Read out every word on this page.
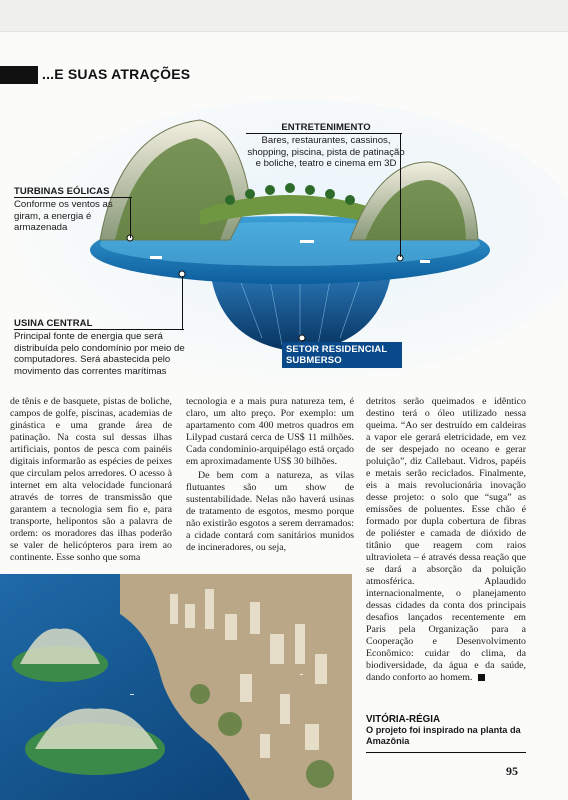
...E SUAS ATRAÇÕES
ENTRETENIMENTO
Bares, restaurantes, cassinos, shopping, piscina, pista de patinação e boliche, teatro e cinema em 3D
TURBINAS EÓLICAS
Conforme os ventos as giram, a energia é armazenada
USINA CENTRAL
Principal fonte de energia que será distribuída pelo condomínio por meio de computadores. Será abastecida pelo movimento das correntes marítimas
SETOR RESIDENCIAL SUBMERSO
de tênis e de basquete, pistas de boliche, campos de golfe, piscinas, academias de ginástica e uma grande área de patinação. Na costa sul dessas ilhas artificiais, pontos de pesca com painéis digitais informarão as espécies de peixes que circulam pelos arredores. O acesso à internet em alta velocidade funcionará através de torres de transmissão que garantem a tecnologia sem fio e, para transporte, helipontos são a palavra de ordem: os moradores das ilhas poderão se valer de helicópteros para irem ao continente. Esse sonho que soma

tecnologia e a mais pura natureza tem, é claro, um alto preço. Por exemplo: um apartamento com 400 metros quadros em Lilypad custará cerca de US$ 11 milhões. Cada condomínio-arquipélago está orçado em aproximadamente US$ 30 bilhões.

De bem com a natureza, as vilas flutuantes são um show de sustentabilidade. Nelas não haverá usinas de tratamento de esgotos, mesmo porque não existirão esgotos a serem derramados: a cidade contará com sanitários munidos de incineradores, ou seja,

detritos serão queimados e idêntico destino terá o óleo utilizado nessa queima. “Ao ser destruído em caldeiras a vapor ele gerará eletricidade, em vez de ser despejado no oceano e gerar poluição”, diz Callebaut. Vidros, papéis e metais serão reciclados. Finalmente, eis a mais revolucionária inovação desse projeto: o solo que “suga” as emissões de poluentes. Esse chão é formado por dupla cobertura de fibras de poliéster e camada de dióxido de titânio que reagem com raios ultravioleta – é através dessa reação que se dará a absorção da poluição atmosférica. Aplaudido internacionalmente, o planejamento dessas cidades da conta dos principais desafios lançados recentemente em Paris pela Organização para a Cooperação e Desenvolvimento Econômico: cuidar do clima, da biodiversidade, da água e da saúde, dando conforto ao homem.
VITÓRIA-RÉGIA
O projeto foi inspirado na planta da Amazônia
95
